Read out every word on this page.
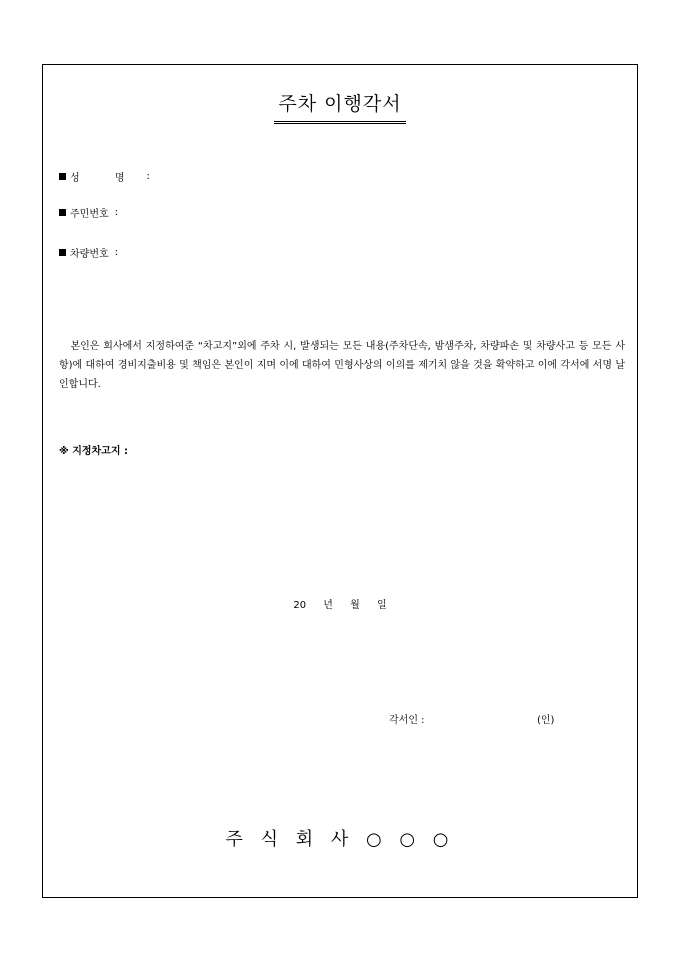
주차 이행각서
성 명 :
주민번호 :
차량번호 :
본인은 회사에서 지정하여준 “차고지”외에 주차 시, 발생되는 모든 내용(주차단속, 밤샘주차, 차량파손 및 차량사고 등 모든 사항)에 대하여 경비지출비용 및 책임은 본인이 지며 이에 대하여 민형사상의 이의를 제기치 않을 것을 확약하고 이에 각서에 서명 날인합니다.
※ 지정차고지 :
20 년 월 일
각서인 :	(인)
주 식 회 사 ○ ○ ○
